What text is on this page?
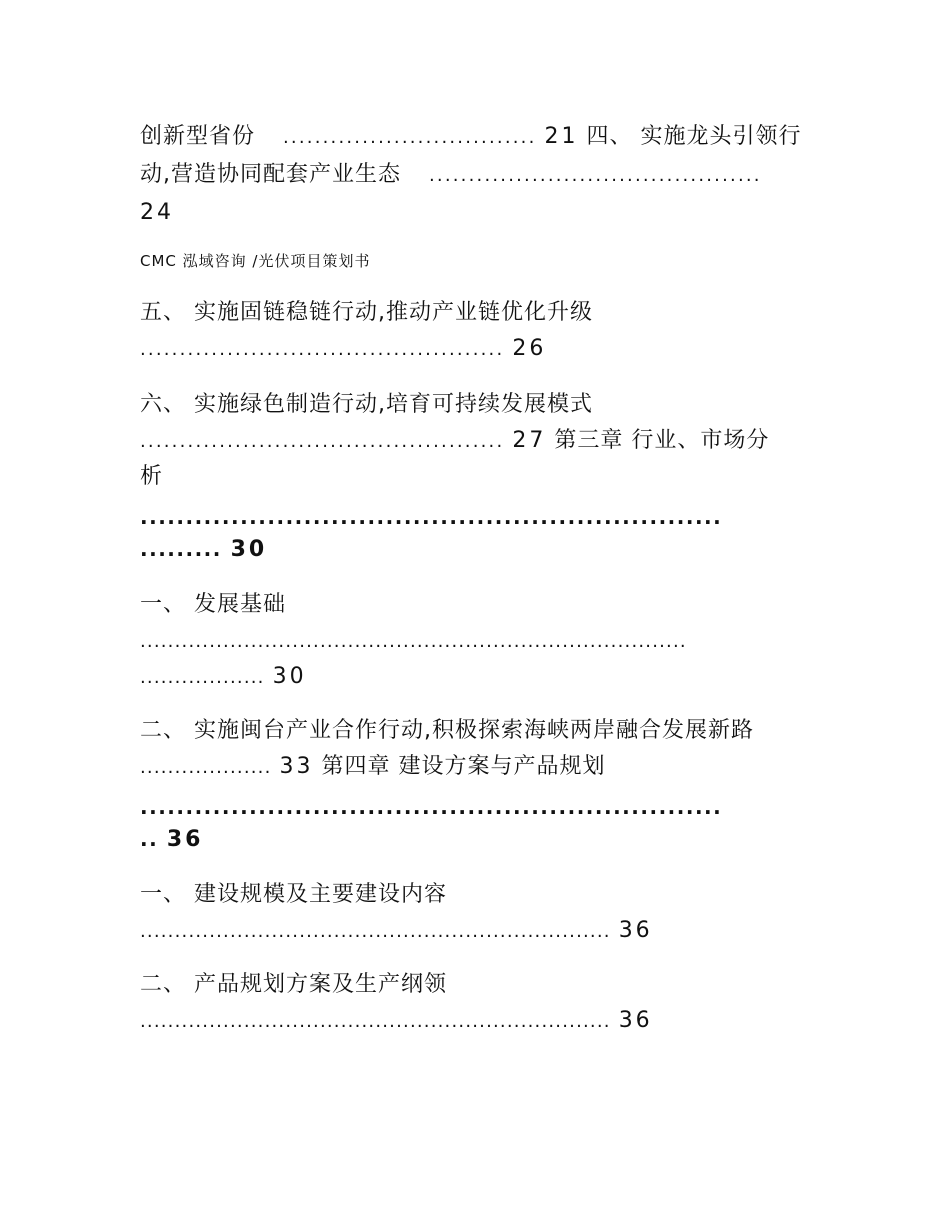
创新型省份 ................................ 21 四、 实施龙头引领行
动,营造协同配套产业生态 ..........................................
24
CMC 泓域咨询 /光伏项目策划书
五、 实施固链稳链行动,推动产业链优化升级
.............................................. 26
六、 实施绿色制造行动,培育可持续发展模式
.............................................. 27 第三章 行业、市场分
析
................................................................
......... 30
一、 发展基础
...............................................................................
.................. 30
二、 实施闽台产业合作行动,积极探索海峡两岸融合发展新路
................... 33 第四章 建设方案与产品规划
................................................................
.. 36
一、 建设规模及主要建设内容
.................................................................... 36
二、 产品规划方案及生产纲领
.................................................................... 36
